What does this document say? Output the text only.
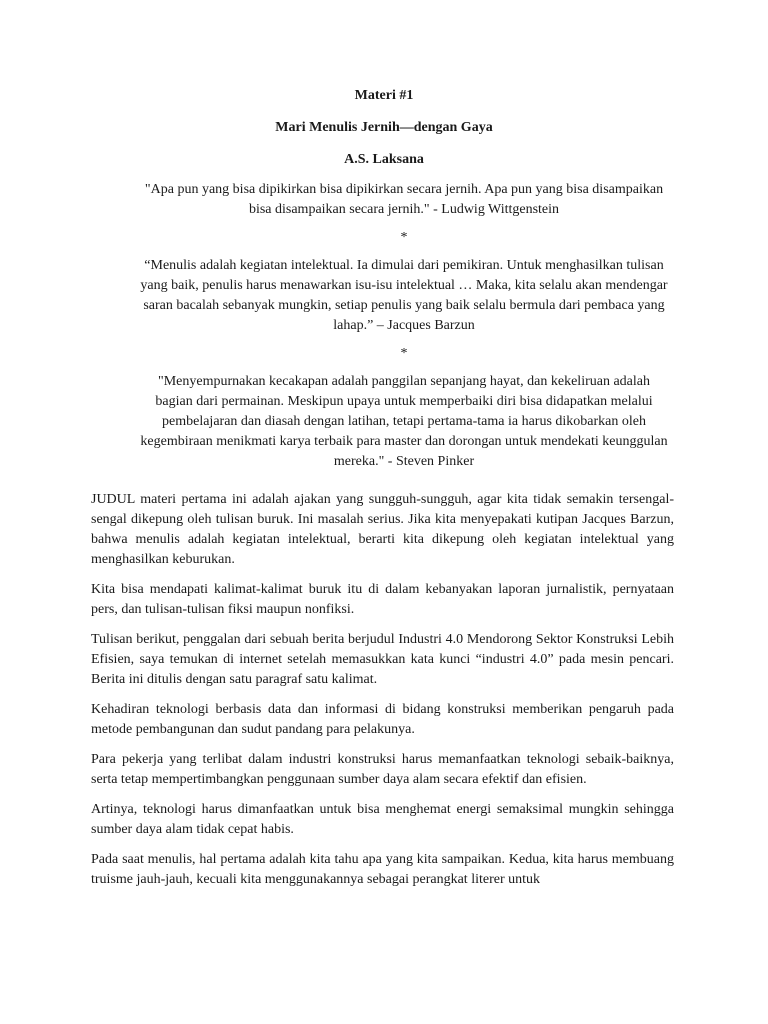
Materi #1

Mari Menulis Jernih—dengan Gaya

A.S. Laksana

"Apa pun yang bisa dipikirkan bisa dipikirkan secara jernih. Apa pun yang bisa disampaikan bisa disampaikan secara jernih." - Ludwig Wittgenstein

*

“Menulis adalah kegiatan intelektual. Ia dimulai dari pemikiran. Untuk menghasilkan tulisan yang baik, penulis harus menawarkan isu-isu intelektual … Maka, kita selalu akan mendengar saran bacalah sebanyak mungkin, setiap penulis yang baik selalu bermula dari pembaca yang lahap.” – Jacques Barzun

*

"Menyempurnakan kecakapan adalah panggilan sepanjang hayat, dan kekeliruan adalah bagian dari permainan. Meskipun upaya untuk memperbaiki diri bisa didapatkan melalui pembelajaran dan diasah dengan latihan, tetapi pertama-tama ia harus dikobarkan oleh kegembiraan menikmati karya terbaik para master dan dorongan untuk mendekati keunggulan mereka." - Steven Pinker

JUDUL materi pertama ini adalah ajakan yang sungguh-sungguh, agar kita tidak semakin tersengal-sengal dikepung oleh tulisan buruk. Ini masalah serius. Jika kita menyepakati kutipan Jacques Barzun, bahwa menulis adalah kegiatan intelektual, berarti kita dikepung oleh kegiatan intelektual yang menghasilkan keburukan.

Kita bisa mendapati kalimat-kalimat buruk itu di dalam kebanyakan laporan jurnalistik, pernyataan pers, dan tulisan-tulisan fiksi maupun nonfiksi.

Tulisan berikut, penggalan dari sebuah berita berjudul Industri 4.0 Mendorong Sektor Konstruksi Lebih Efisien, saya temukan di internet setelah memasukkan kata kunci “industri 4.0” pada mesin pencari. Berita ini ditulis dengan satu paragraf satu kalimat.

Kehadiran teknologi berbasis data dan informasi di bidang konstruksi memberikan pengaruh pada metode pembangunan dan sudut pandang para pelakunya.

Para pekerja yang terlibat dalam industri konstruksi harus memanfaatkan teknologi sebaik-baiknya, serta tetap mempertimbangkan penggunaan sumber daya alam secara efektif dan efisien.

Artinya, teknologi harus dimanfaatkan untuk bisa menghemat energi semaksimal mungkin sehingga sumber daya alam tidak cepat habis.

Pada saat menulis, hal pertama adalah kita tahu apa yang kita sampaikan. Kedua, kita harus membuang truisme jauh-jauh, kecuali kita menggunakannya sebagai perangkat literer untuk
